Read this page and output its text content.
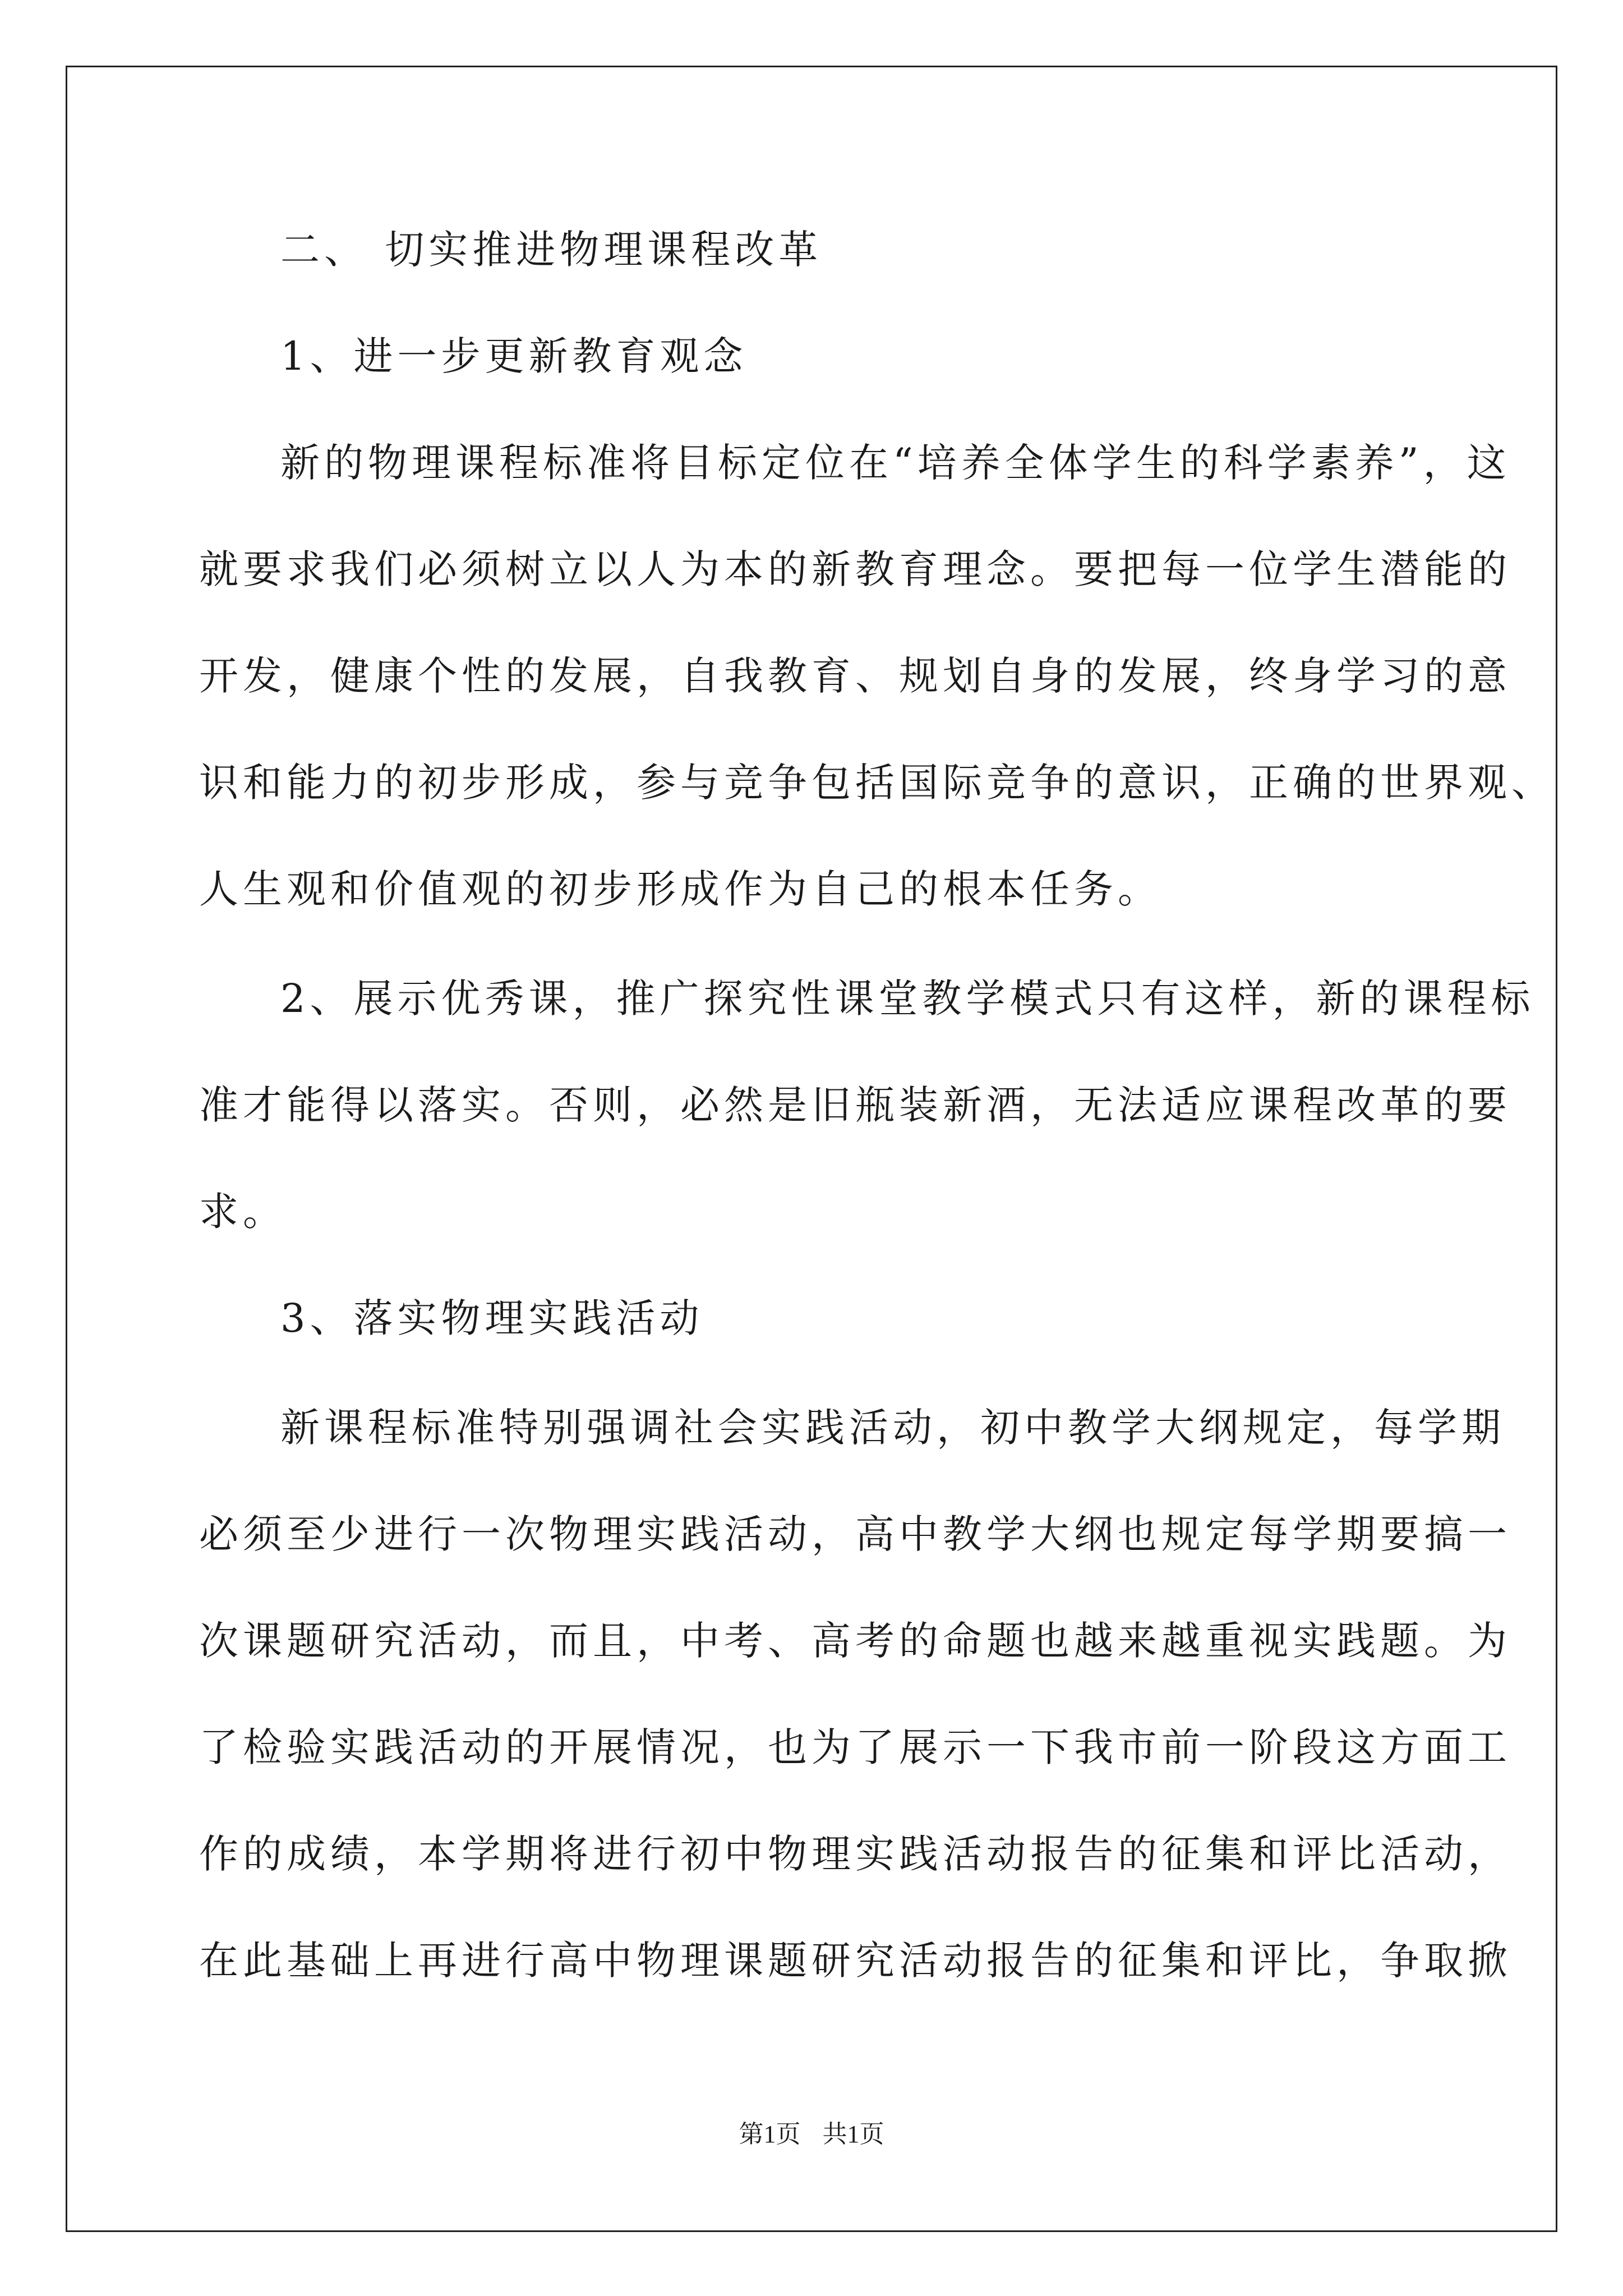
二、 切实推进物理课程改革
1、进一步更新教育观念
新的物理课程标准将目标定位在“培养全体学生的科学素养”，这
就要求我们必须树立以人为本的新教育理念。要把每一位学生潜能的
开发，健康个性的发展，自我教育、规划自身的发展，终身学习的意
识和能力的初步形成，参与竞争包括国际竞争的意识，正确的世界观、
人生观和价值观的初步形成作为自己的根本任务。
2、展示优秀课，推广探究性课堂教学模式只有这样，新的课程标
准才能得以落实。否则，必然是旧瓶装新酒，无法适应课程改革的要
求。
3、落实物理实践活动
新课程标准特别强调社会实践活动，初中教学大纲规定，每学期
必须至少进行一次物理实践活动，高中教学大纲也规定每学期要搞一
次课题研究活动，而且，中考、高考的命题也越来越重视实践题。为
了检验实践活动的开展情况，也为了展示一下我市前一阶段这方面工
作的成绩，本学期将进行初中物理实践活动报告的征集和评比活动，
在此基础上再进行高中物理课题研究活动报告的征集和评比，争取掀
第1页 共1页
